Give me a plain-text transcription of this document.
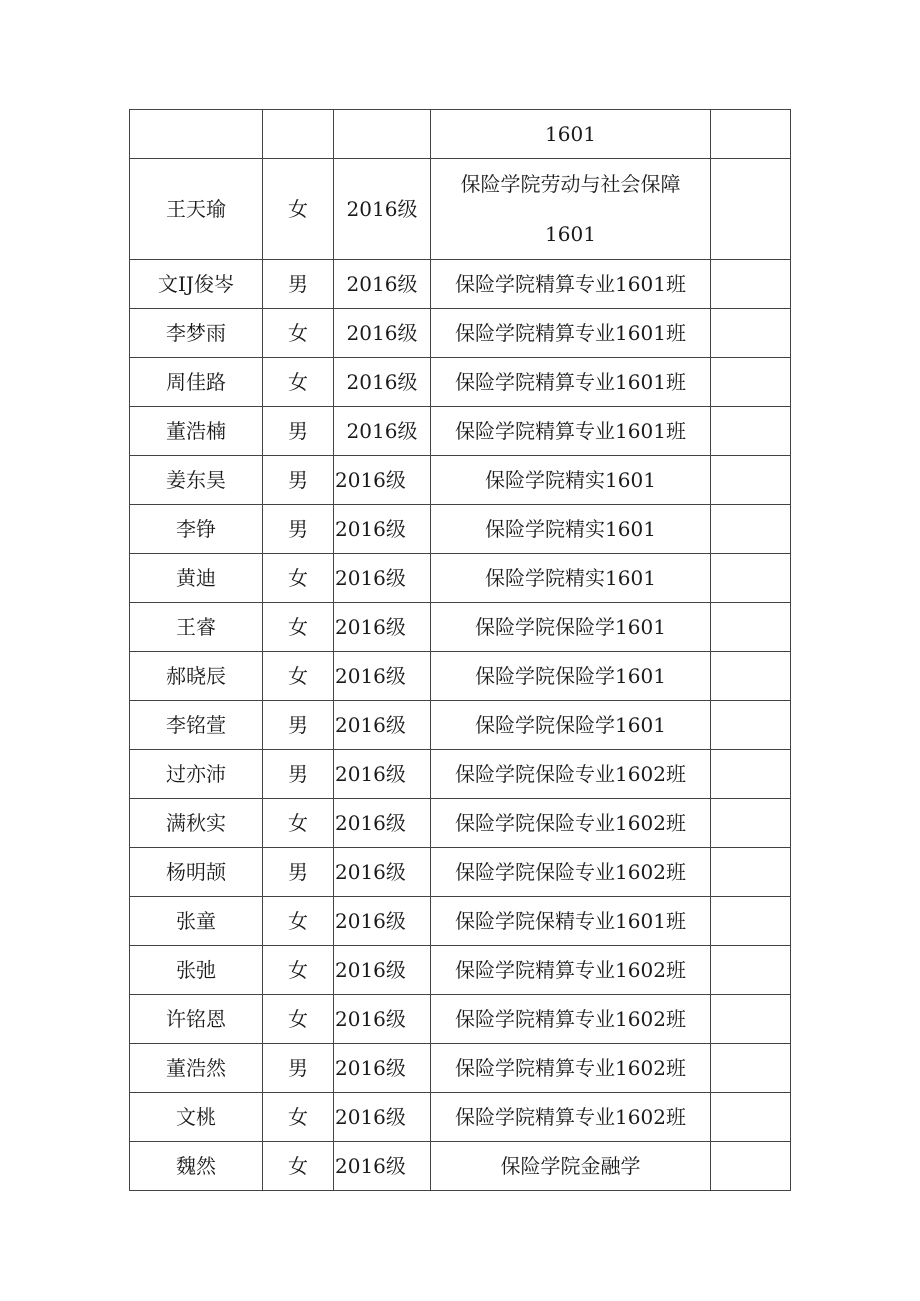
			1601	
王天瑜	女	2016级	保险学院劳动与社会保障1601	

文IJ俊岑	男	2016级	保险学院精算专业1601班	
李梦雨	女	2016级	保险学院精算专业1601班	
周佳路	女	2016级	保险学院精算专业1601班	
董浩楠	男	2016级	保险学院精算专业1601班	
姜东昊	男	2016级	保险学院精实1601	
李铮	男	2016级	保险学院精实1601	
黄迪	女	2016级	保险学院精实1601	
王睿	女	2016级	保险学院保险学1601	
郝晓辰	女	2016级	保险学院保险学1601	
李铭萱	男	2016级	保险学院保险学1601	
过亦沛	男	2016级	保险学院保险专业1602班	
满秋实	女	2016级	保险学院保险专业1602班	
杨明颉	男	2016级	保险学院保险专业1602班	
张童	女	2016级	保险学院保精专业1601班	
张弛	女	2016级	保险学院精算专业1602班	
许铭恩	女	2016级	保险学院精算专业1602班	
董浩然	男	2016级	保险学院精算专业1602班	
文桃	女	2016级	保险学院精算专业1602班	
魏然	女	2016级	保险学院金融学	
